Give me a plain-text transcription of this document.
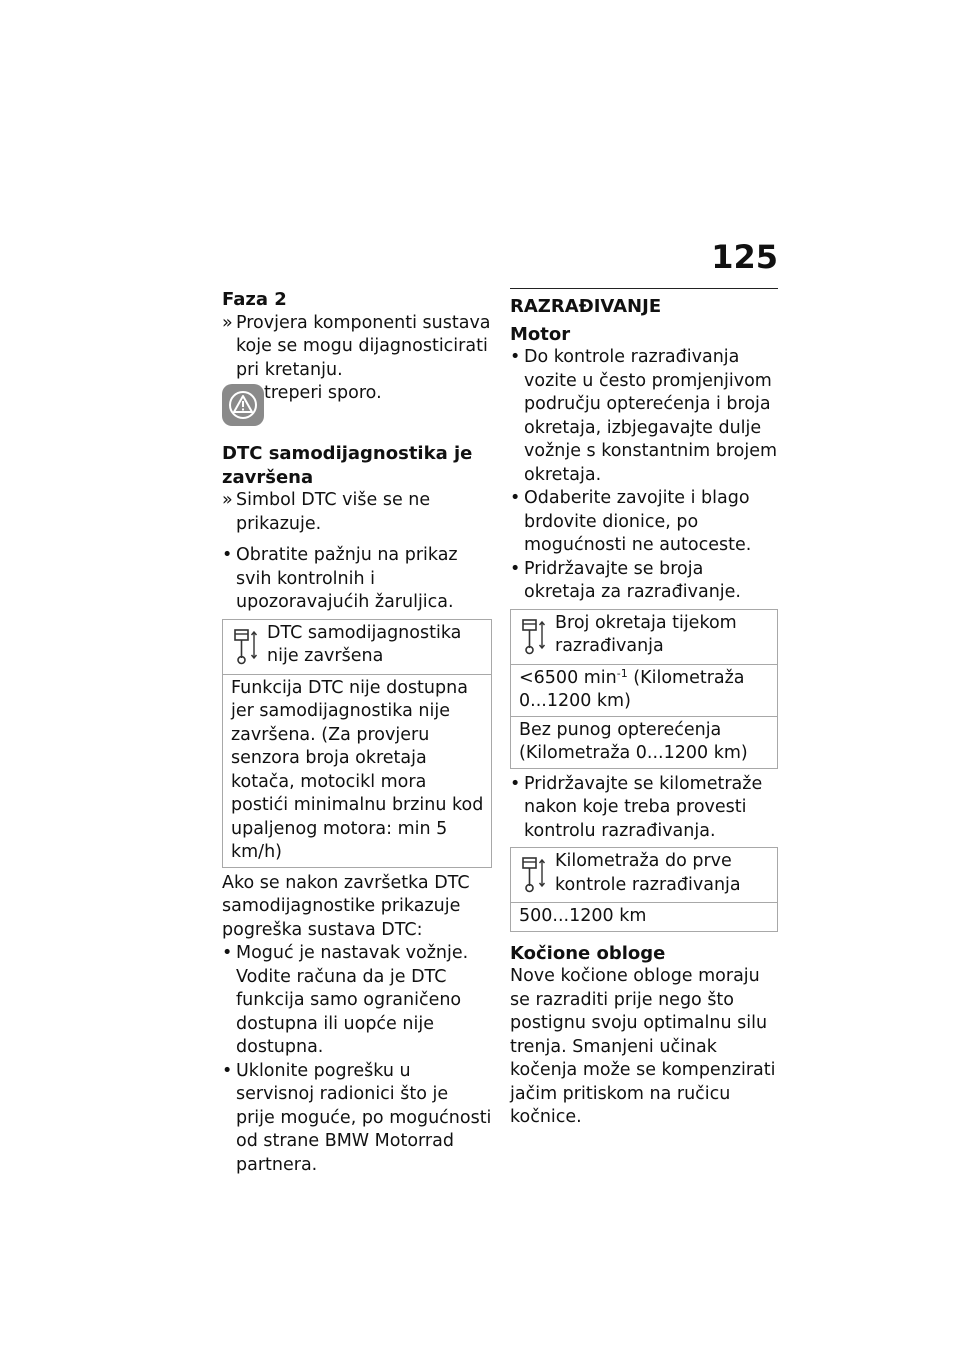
125

Faza 2

» Provjera komponenti sustava koje se mogu dijagnosticirati pri kretanju.

treperi sporo.

DTC samodijagnostika je završena

» Simbol DTC više se ne prikazuje.

• Obratite pažnju na prikaz svih kontrolnih i upozoravajućih žaruljica.

DTC samodijagnostika nije završena
Funkcija DTC nije dostupna jer samodijagnostika nije završena. (Za provjeru senzora broja okretaja kotača, motocikl mora postići minimalnu brzinu kod upaljenog motora: min 5 km/h)

Ako se nakon završetka DTC samodijagnostike prikazuje pogreška sustava DTC:

• Moguć je nastavak vožnje. Vodite računa da je DTC funkcija samo ograničeno dostupna ili uopće nije dostupna.

• Uklonite pogrešku u servisnoj radionici što je prije moguće, po mogućnosti od strane BMW Motorrad partnera.

RAZRAĐIVANJE

Motor

• Do kontrole razrađivanja vozite u često promjenjivom području opterećenja i broja okretaja, izbjegavajte dulje vožnje s konstantnim brojem okretaja.

• Odaberite zavojite i blago brdovite dionice, po mogućnosti ne autoceste.

• Pridržavajte se broja okretaja za razrađivanje.

Broj okretaja tijekom razrađivanja
<6500 $\min^{-1}$ (Kilometraža 0...1200 km)
Bez punog opterećenja (Kilometraža 0...1200 km)

• Pridržavajte se kilometraže nakon koje treba provesti kontrolu razrađivanja.

Kilometraža do prve kontrole razrađivanja
500...1200 km

Kočione obloge

Nove kočione obloge moraju se razraditi prije nego što postignu svoju optimalnu silu trenja. Smanjeni učinak kočenja može se kompenzirati jačim pritiskom na ručicu kočnice.
